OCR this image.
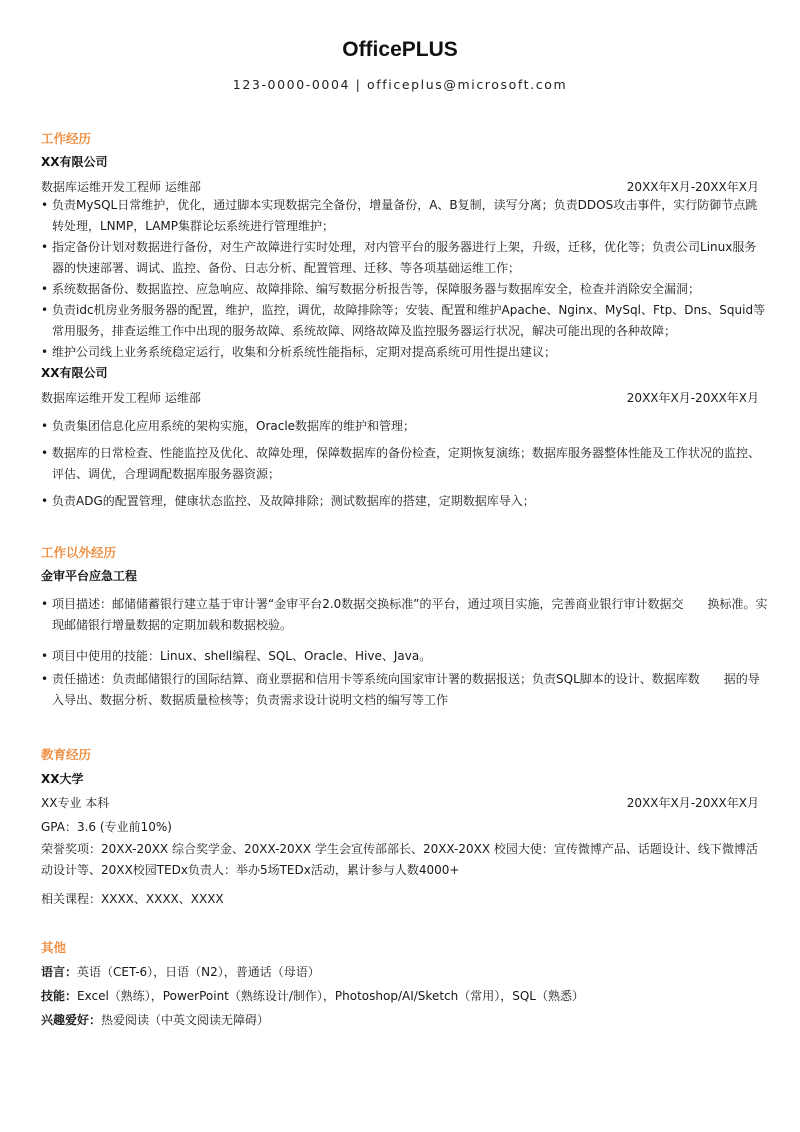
OfficePLUS
123-0000-0004 | officeplus@microsoft.com
工作经历
XX有限公司
数据库运维开发工程师 运维部	20XX年X月-20XX年X月
• 负责MySQL日常维护，优化，通过脚本实现数据完全备份，增量备份，A、B复制，读写分离；负责DDOS攻击事件，实行防御节点跳转处理，LNMP，LAMP集群论坛系统进行管理维护；
• 指定备份计划对数据进行备份，对生产故障进行实时处理，对内管平台的服务器进行上架，升级，迁移，优化等；负责公司Linux服务器的快速部署、调试、监控、备份、日志分析、配置管理、迁移、等各项基础运维工作；
• 系统数据备份、数据监控、应急响应、故障排除、编写数据分析报告等，保障服务器与数据库安全，检查并消除安全漏洞；
• 负责idc机房业务服务器的配置，维护，监控，调优，故障排除等；安装、配置和维护Apache、Nginx、MySql、Ftp、Dns、Squid等常用服务，排查运维工作中出现的服务故障、系统故障、网络故障及监控服务器运行状况，解决可能出现的各种故障；
• 维护公司线上业务系统稳定运行，收集和分析系统性能指标，定期对提高系统可用性提出建议；
XX有限公司
数据库运维开发工程师 运维部	20XX年X月-20XX年X月
• 负责集团信息化应用系统的架构实施，Oracle数据库的维护和管理；
• 数据库的日常检查、性能监控及优化、故障处理，保障数据库的备份检查，定期恢复演练；数据库服务器整体性能及工作状况的监控、评估、调优，合理调配数据库服务器资源；
• 负责ADG的配置管理，健康状态监控、及故障排除；测试数据库的搭建，定期数据库导入；
工作以外经历
金审平台应急工程
• 项目描述：邮储储蓄银行建立基于审计署“金审平台2.0数据交换标准”的平台，通过项目实施，完善商业银行审计数据交　　换标准。实现邮储银行增量数据的定期加载和数据校验。
• 项目中使用的技能：Linux、shell编程、SQL、Oracle、Hive、Java。
• 责任描述：负责邮储银行的国际结算、商业票据和信用卡等系统向国家审计署的数据报送；负责SQL脚本的设计、数据库数　　据的导入导出、数据分析、数据质量检核等；负责需求设计说明文档的编写等工作
教育经历
XX大学
XX专业 本科	20XX年X月-20XX年X月
GPA：3.6 (专业前10%)
荣誉奖项：20XX-20XX 综合奖学金、20XX-20XX 学生会宣传部部长、20XX-20XX 校园大使：宣传微博产品、话题设计、线下微博活动设计等、20XX校园TEDx负责人：举办5场TEDx活动，累计参与人数4000+
相关课程：XXXX、XXXX、XXXX
其他
语言：英语（CET-6），日语（N2），普通话（母语）
技能：Excel（熟练），PowerPoint（熟练设计/制作），Photoshop/AI/Sketch（常用），SQL（熟悉）
兴趣爱好：热爱阅读（中英文阅读无障碍）
